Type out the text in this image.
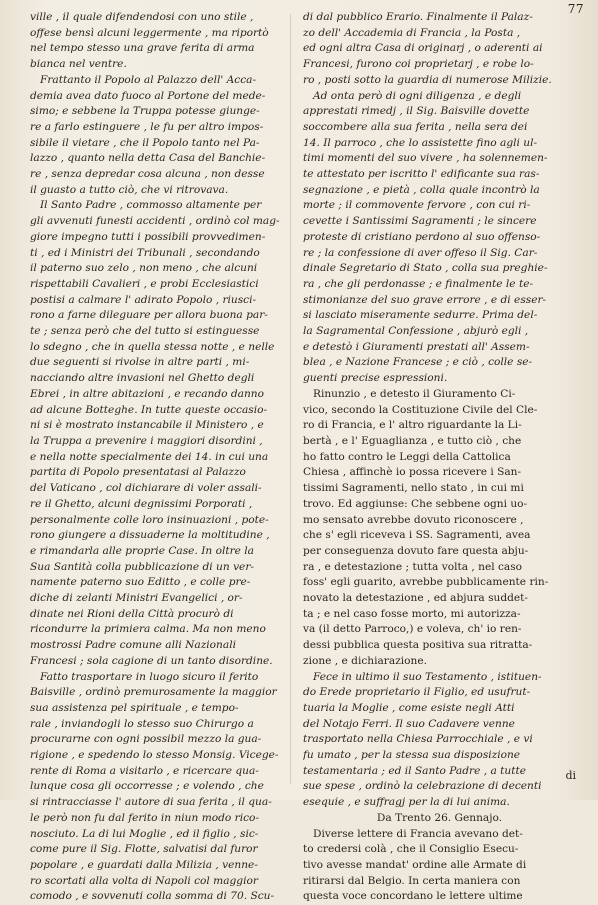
77
ville , il quale difendendosi con uno stile ,
offese bensì alcuni leggermente , ma riportò
nel tempo stesso una grave ferita di arma
bianca nel ventre.
Frattanto il Popolo al Palazzo dell' Acca-
demia avea dato fuoco al Portone del mede-
simo; e sebbene la Truppa potesse giunge-
re a farlo estinguere , le fu per altro impos-
sibile il vietare , che il Popolo tanto nel Pa-
lazzo , quanto nella detta Casa del Banchie-
re , senza depredar cosa alcuna , non desse
il guasto a tutto ciò, che vi ritrovava.
Il Santo Padre , commosso altamente per
gli avvenuti funesti accidenti , ordinò col mag-
giore impegno tutti i possibili provvedimen-
ti , ed i Ministri dei Tribunali , secondando
il paterno suo zelo , non meno , che alcuni
rispettabili Cavalieri , e probi Ecclesiastici
postisi a calmare l' adirato Popolo , riusci-
rono a farne dileguare per allora buona par-
te ; senza però che del tutto si estinguesse
lo sdegno , che in quella stessa notte , e nelle
due seguenti si rivolse in altre parti , mi-
nacciando altre invasioni nel Ghetto degli
Ebrei , in altre abitazioni , e recando danno
ad alcune Botteghe. In tutte queste occasio-
ni si è mostrato instancabile il Ministero , e
la Truppa a prevenire i maggiori disordini ,
e nella notte specialmente dei 14. in cui una
partita di Popolo presentatasi al Palazzo
del Vaticano , col dichiarare di voler assali-
re il Ghetto, alcuni degnissimi Porporati ,
personalmente colle loro insinuazioni , pote-
rono giungere a dissuaderne la moltitudine ,
e rimandarla alle proprie Case. In oltre la
Sua Santità colla pubblicazione di un ver-
namente paterno suo Editto , e colle pre-
diche di zelanti Ministri Evangelici , or-
dinate nei Rioni della Città procurò di
ricondurre la primiera calma. Ma non meno
mostrossi Padre comune alli Nazionali
Francesi ; sola cagione di un tanto disordine.
Fatto trasportare in luogo sicuro il ferito
Baisville , ordinò premurosamente la maggior
sua assistenza pel spirituale , e tempo-
rale , inviandogli lo stesso suo Chirurgo a
procurarne con ogni possibil mezzo la gua-
rigione , e spedendo lo stesso Monsig. Vicege-
rente di Roma a visitarlo , e ricercare qua-
lunque cosa gli occorresse ; e volendo , che
si rintracciasse l' autore di sua ferita , il qua-
le però non fu dal ferito in niun modo rico-
nosciuto. La di lui Moglie , ed il figlio , sic-
come pure il Sig. Flotte, salvatisi dal furor
popolare , e guardati dalla Milizia , venne-
ro scortati alla volta di Napoli col maggior
comodo , e sovvenuti colla somma di 70. Scu-
di dal pubblico Erario. Finalmente il Palaz-
zo dell' Accademia di Francia , la Posta ,
ed ogni altra Casa di originarj , o aderenti ai
Francesi, furono coi proprietarj , e robe lo-
ro , posti sotto la guardia di numerose Milizie.
Ad onta però di ogni diligenza , e degli
apprestati rimedj , il Sig. Baisville dovette
soccombere alla sua ferita , nella sera dei
14. Il parroco , che lo assistette fino agli ul-
timi momenti del suo vivere , ha solennemen-
te attestato per iscritto l' edificante sua ras-
segnazione , e pietà , colla quale incontrò la
morte ; il commovente fervore , con cui ri-
cevette i Santissimi Sagramenti ; le sincere
proteste di cristiano perdono al suo offenso-
re ; la confessione di aver offeso il Sig. Car-
dinale Segretario di Stato , colla sua preghie-
ra , che gli perdonasse ; e finalmente le te-
stimonianze del suo grave errore , e di esser-
si lasciato miseramente sedurre. Prima del-
la Sagramental Confessione , abjurò egli ,
e detestò i Giuramenti prestati all' Assem-
blea , e Nazione Francese ; e ciò , colle se-
guenti precise espressioni.
Rinunzio , e detesto il Giuramento Ci-
vico, secondo la Costituzione Civile del Cle-
ro di Francia, e l' altro riguardante la Li-
bertà , e l' Eguaglianza , e tutto ciò , che
ho fatto contro le Leggi della Cattolica
Chiesa , affinchè io possa ricevere i San-
tissimi Sagramenti, nello stato , in cui mi
trovo. Ed aggiunse: Che sebbene ogni uo-
mo sensato avrebbe dovuto riconoscere ,
che s' egli riceveva i SS. Sagramenti, avea
per conseguenza dovuto fare questa abju-
ra , e detestazione ; tutta volta , nel caso
foss' egli guarito, avrebbe pubblicamente rin-
novato la detestazione , ed abjura suddet-
ta ; e nel caso fosse morto, mi autorizza-
va (il detto Parroco,) e voleva, ch' io ren-
dessi pubblica questa positiva sua ritratta-
zione , e dichiarazione.
Fece in ultimo il suo Testamento , istituen-
do Erede proprietario il Figlio, ed usufrut-
tuaria la Moglie , come esiste negli Atti
del Notajo Ferri. Il suo Cadavere venne
trasportato nella Chiesa Parrocchiale , e vi
fu umato , per la stessa sua disposizione
testamentaria ; ed il Santo Padre , a tutte
sue spese , ordinò la celebrazione di decenti
esequie , e suffragj per la di lui anima.
Da Trento 26. Gennajo.
Diverse lettere di Francia avevano det-
to credersi colà , che il Consiglio Esecu-
tivo avesse mandat' ordine alle Armate di
ritirarsi dal Belgio. In certa maniera con
questa voce concordano le lettere ultime
di
